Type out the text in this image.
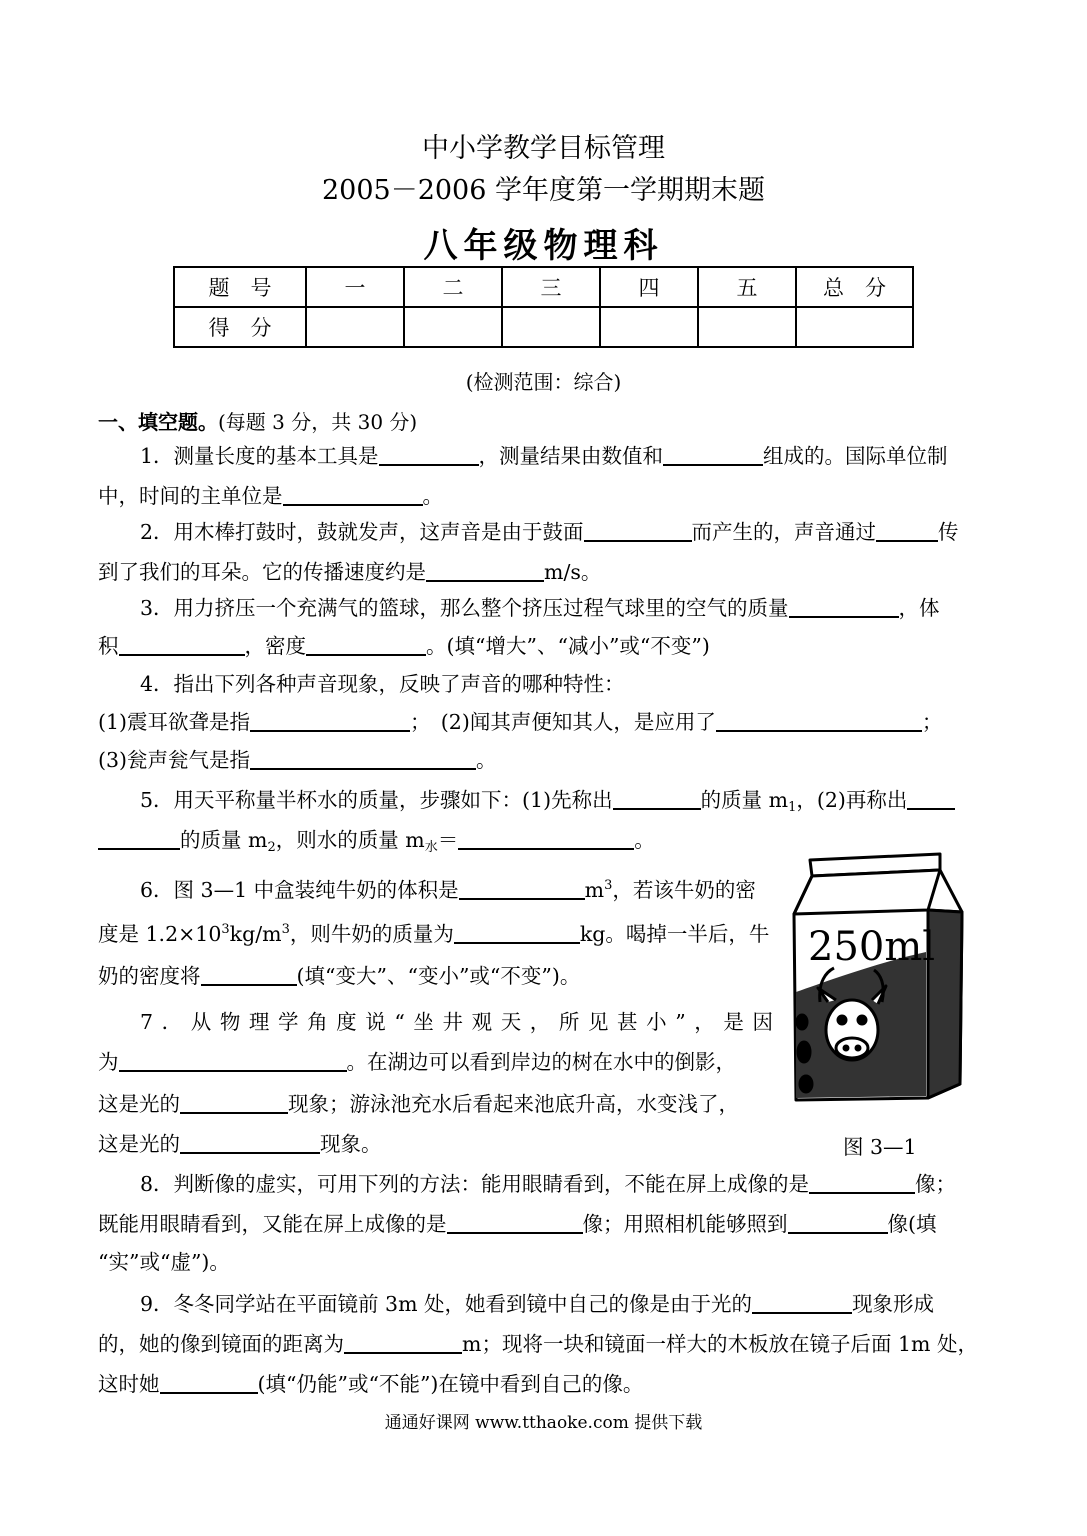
中小学教学目标管理
2005－2006 学年度第一学期期末题
八年级物理科
题　号	一	二	三	四	五	总　分
得　分						
(检测范围：综合)
一、填空题。(每题 3 分，共 30 分)
1．测量长度的基本工具是	，测量结果由数值和	组成的。国际单位制
中，时间的主单位是	。
2．用木棒打鼓时，鼓就发声，这声音是由于鼓面	而产生的，声音通过	传
到了我们的耳朵。它的传播速度约是	m/s。
3．用力挤压一个充满气的篮球，那么整个挤压过程气球里的空气的质量	，体
积	，密度	。(填“增大”、“减小”或“不变”)
4．指出下列各种声音现象，反映了声音的哪种特性：
(1)震耳欲聋是指	；　(2)闻其声便知其人，是应用了	；
(3)瓮声瓮气是指	。
5．用天平称量半杯水的质量，步骤如下：(1)先称出	的质量 $m_1$，(2)再称出
的质量 $m_2$，则水的质量 $m_水=$	。
6．图 3—1 中盒装纯牛奶的体积是	$m^3$，若该牛奶的密
度是 $1.2\times 10^3kg/m^3$，则牛奶的质量为	kg。喝掉一半后，牛
奶的密度将	(填“变大”、“变小”或“不变”)。
7．从物理学角度说“坐井观天，所见甚小”，是因
为	。在湖边可以看到岸边的树在水中的倒影，
这是光的	现象；游泳池充水后看起来池底升高，水变浅了，
这是光的	现象。
250ml
图 3—1
8．判断像的虚实，可用下列的方法：能用眼睛看到，不能在屏上成像的是	像；
既能用眼睛看到，又能在屏上成像的是	像；用照相机能够照到	像(填
“实”或“虚”)。
9．冬冬同学站在平面镜前 3m 处，她看到镜中自己的像是由于光的	现象形成
的，她的像到镜面的距离为	m；现将一块和镜面一样大的木板放在镜子后面 1m 处，
这时她	(填“仍能”或“不能”)在镜中看到自己的像。
通通好课网 www.tthaoke.com 提供下载
